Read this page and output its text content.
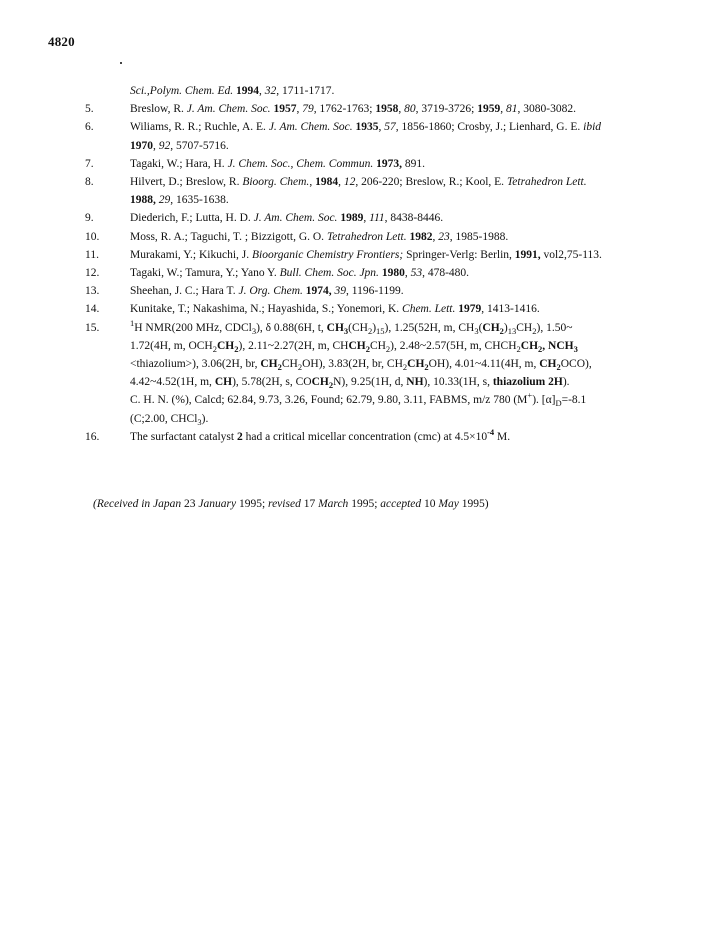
4820
Sci.,Polym. Chem. Ed. 1994, 32, 1711-1717.
5.	Breslow, R. J. Am. Chem. Soc. 1957, 79, 1762-1763; 1958, 80, 3719-3726; 1959, 81, 3080-3082.
6.	Wiliams, R. R.; Ruchle, A. E. J. Am. Chem. Soc. 1935, 57, 1856-1860; Crosby, J.; Lienhard, G. E. ibid
1970, 92, 5707-5716.
7.	Tagaki, W.; Hara, H. J. Chem. Soc., Chem. Commun. 1973, 891.
8.	Hilvert, D.; Breslow, R. Bioorg. Chem., 1984, 12, 206-220; Breslow, R.; Kool, E. Tetrahedron Lett.
1988, 29, 1635-1638.
9.	Diederich, F.; Lutta, H. D. J. Am. Chem. Soc. 1989, 111, 8438-8446.
10.	Moss, R. A.; Taguchi, T. ; Bizzigott, G. O. Tetrahedron Lett. 1982, 23, 1985-1988.
11.	Murakami, Y.; Kikuchi, J. Bioorganic Chemistry Frontiers; Springer-Verlg: Berlin, 1991, vol2,75-113.
12.	Tagaki, W.; Tamura, Y.; Yano Y. Bull. Chem. Soc. Jpn. 1980, 53, 478-480.
13.	Sheehan, J. C.; Hara T. J. Org. Chem. 1974, 39, 1196-1199.
14.	Kunitake, T.; Nakashima, N.; Hayashida, S.; Yonemori, K. Chem. Lett. 1979, 1413-1416.
15.	$^1$H NMR(200 MHz, CDCl$_3$), δ 0.88(6H, t, $CH_3(CH_2)_{15}$), 1.25(52H, m, $CH_3(CH_2)_{13}CH_2$), 1.50~
1.72(4H, m, $OCH_2CH_2$), 2.11~2.27(2H, m, $CHCH_2CH_2$), 2.48~2.57(5H, m, $CHCH_2CH_2$, $NCH_3$
<thiazolium>), 3.06(2H, br, $CH_2CH_2OH$), 3.83(2H, br, $CH_2CH_2OH$), 4.01~4.11(4H, m, $CH_2OCO$),
4.42~4.52(1H, m, CH), 5.78(2H, s, $COCH_2N$), 9.25(1H, d, NH), 10.33(1H, s, thiazolium 2H).
C. H. N. (%), Calcd; 62.84, 9.73, 3.26, Found; 62.79, 9.80, 3.11, FABMS, m/z 780 (M+). $[\alpha]_D=-8.1$
(C;2.00, CHCl$_3$).
16.	The surfactant catalyst 2 had a critical micellar concentration (cmc) at $4.5\times 10^{-4}$ M.
(Received in Japan 23 January 1995; revised 17 March 1995; accepted 10 May 1995)
